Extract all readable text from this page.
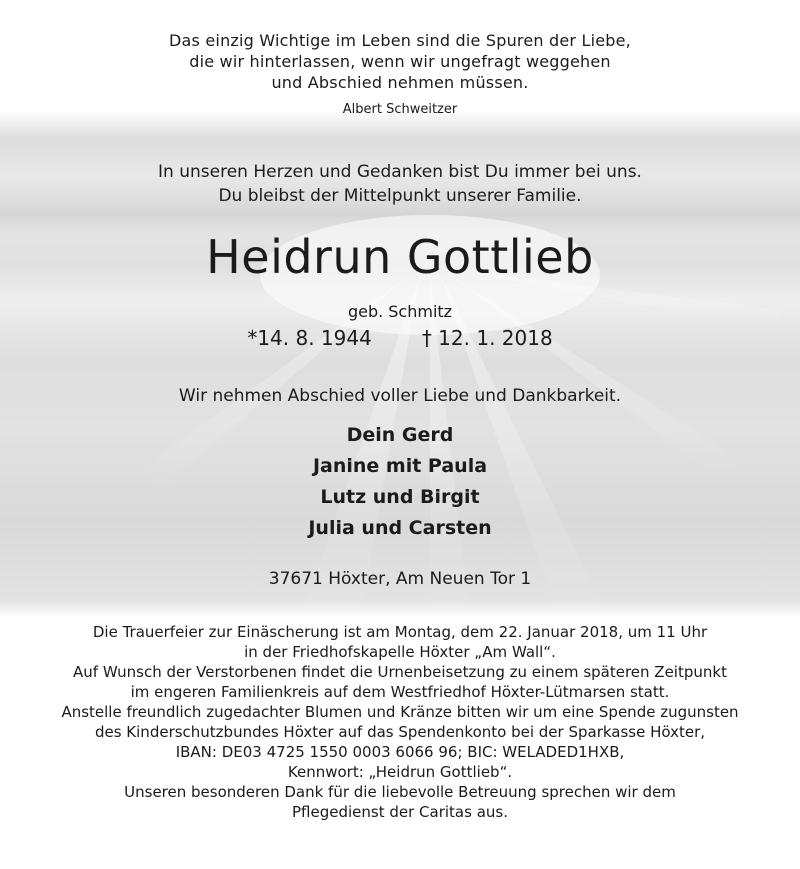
Das einzig Wichtige im Leben sind die Spuren der Liebe,
die wir hinterlassen, wenn wir ungefragt weggehen
und Abschied nehmen müssen.
Albert Schweitzer
In unseren Herzen und Gedanken bist Du immer bei uns.
Du bleibst der Mittelpunkt unserer Familie.
Heidrun Gottlieb
geb. Schmitz
*14. 8. 1944	† 12. 1. 2018
Wir nehmen Abschied voller Liebe und Dankbarkeit.
Dein Gerd
Janine mit Paula
Lutz und Birgit
Julia und Carsten
37671 Höxter, Am Neuen Tor 1
Die Trauerfeier zur Einäscherung ist am Montag, dem 22. Januar 2018, um 11 Uhr
in der Friedhofskapelle Höxter „Am Wall“.
Auf Wunsch der Verstorbenen findet die Urnenbeisetzung zu einem späteren Zeitpunkt
im engeren Familienkreis auf dem Westfriedhof Höxter-Lütmarsen statt.
Anstelle freundlich zugedachter Blumen und Kränze bitten wir um eine Spende zugunsten
des Kinderschutzbundes Höxter auf das Spendenkonto bei der Sparkasse Höxter,
IBAN: DE03 4725 1550 0003 6066 96; BIC: WELADED1HXB,
Kennwort: „Heidrun Gottlieb“.
Unseren besonderen Dank für die liebevolle Betreuung sprechen wir dem
Pflegedienst der Caritas aus.
